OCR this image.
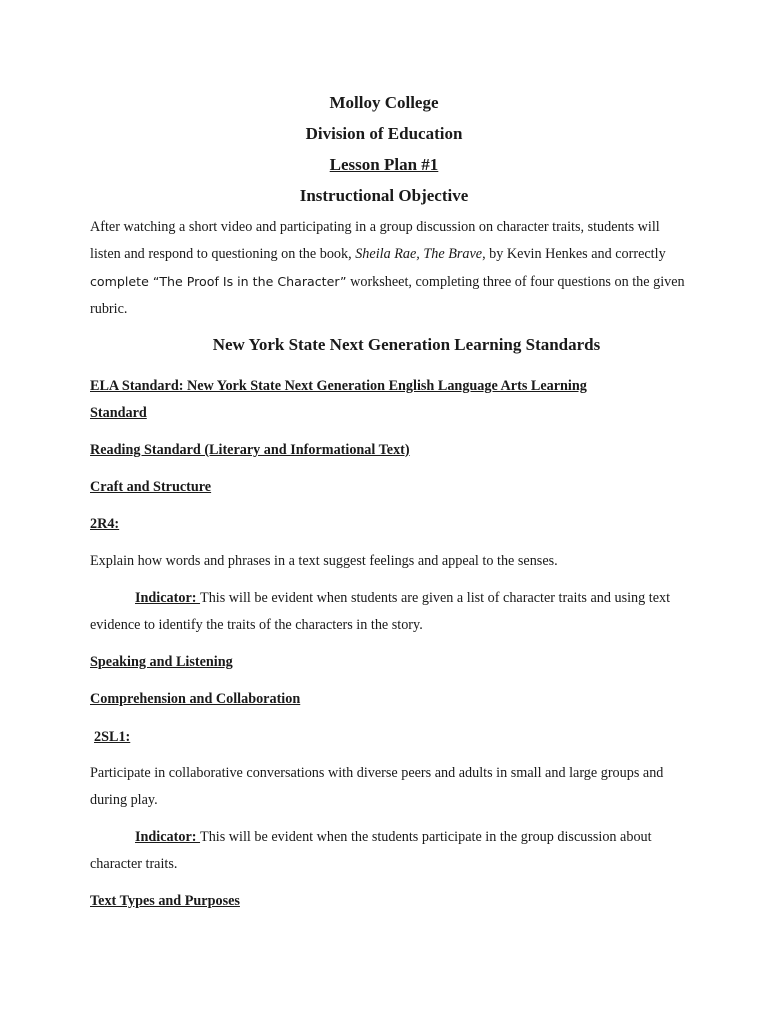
Molloy College
Division of Education
Lesson Plan #1
Instructional Objective
After watching a short video and participating in a group discussion on character traits, students will listen and respond to questioning on the book, Sheila Rae, The Brave, by Kevin Henkes and correctly complete “The Proof Is in the Character” worksheet, completing three of four questions on the given rubric.
New York State Next Generation Learning Standards
ELA Standard: New York State Next Generation English Language Arts Learning
Standard
Reading Standard (Literary and Informational Text)
Craft and Structure
2R4:
Explain how words and phrases in a text suggest feelings and appeal to the senses.
Indicator: This will be evident when students are given a list of character traits and using text evidence to identify the traits of the characters in the story.
Speaking and Listening
Comprehension and Collaboration
2SL1:
Participate in collaborative conversations with diverse peers and adults in small and large groups and during play.
Indicator: This will be evident when the students participate in the group discussion about character traits.
Text Types and Purposes
